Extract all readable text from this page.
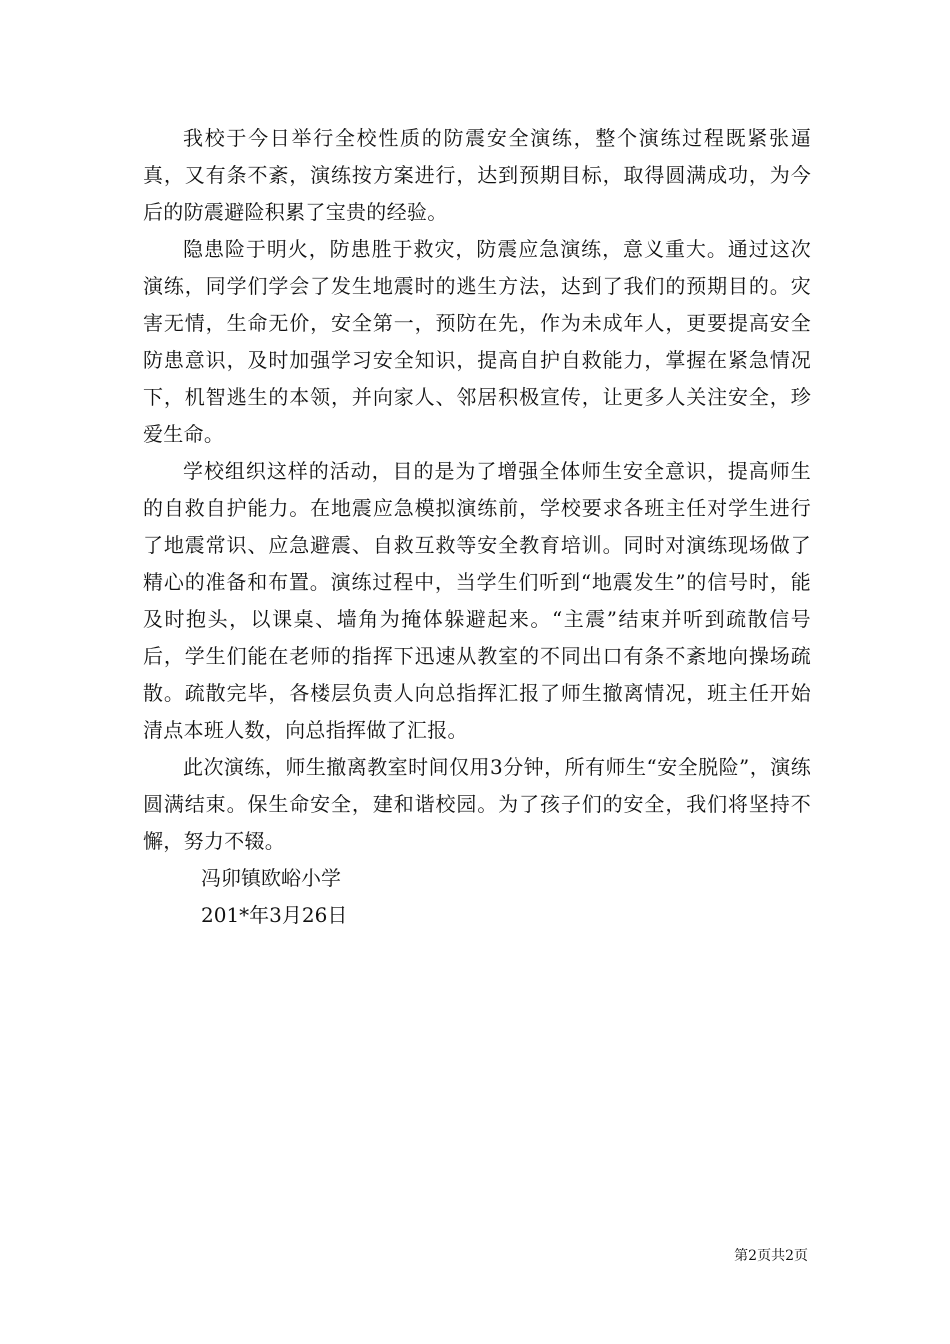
我校于今日举行全校性质的防震安全演练，整个演练过程既紧张逼真，又有条不紊，演练按方案进行，达到预期目标，取得圆满成功，为今后的防震避险积累了宝贵的经验。

隐患险于明火，防患胜于救灾，防震应急演练，意义重大。通过这次演练，同学们学会了发生地震时的逃生方法，达到了我们的预期目的。灾害无情，生命无价，安全第一，预防在先，作为未成年人，更要提高安全防患意识，及时加强学习安全知识，提高自护自救能力，掌握在紧急情况下，机智逃生的本领，并向家人、邻居积极宣传，让更多人关注安全，珍爱生命。

学校组织这样的活动，目的是为了增强全体师生安全意识，提高师生的自救自护能力。在地震应急模拟演练前，学校要求各班主任对学生进行了地震常识、应急避震、自救互救等安全教育培训。同时对演练现场做了精心的准备和布置。演练过程中，当学生们听到“地震发生”的信号时，能及时抱头，以课桌、墙角为掩体躲避起来。“主震”结束并听到疏散信号后，学生们能在老师的指挥下迅速从教室的不同出口有条不紊地向操场疏散。疏散完毕，各楼层负责人向总指挥汇报了师生撤离情况，班主任开始清点本班人数，向总指挥做了汇报。

此次演练，师生撤离教室时间仅用3分钟，所有师生“安全脱险”，演练圆满结束。保生命安全，建和谐校园。为了孩子们的安全，我们将坚持不懈，努力不辍。

冯卯镇欧峪小学

201*年3月26日

第2页共2页
